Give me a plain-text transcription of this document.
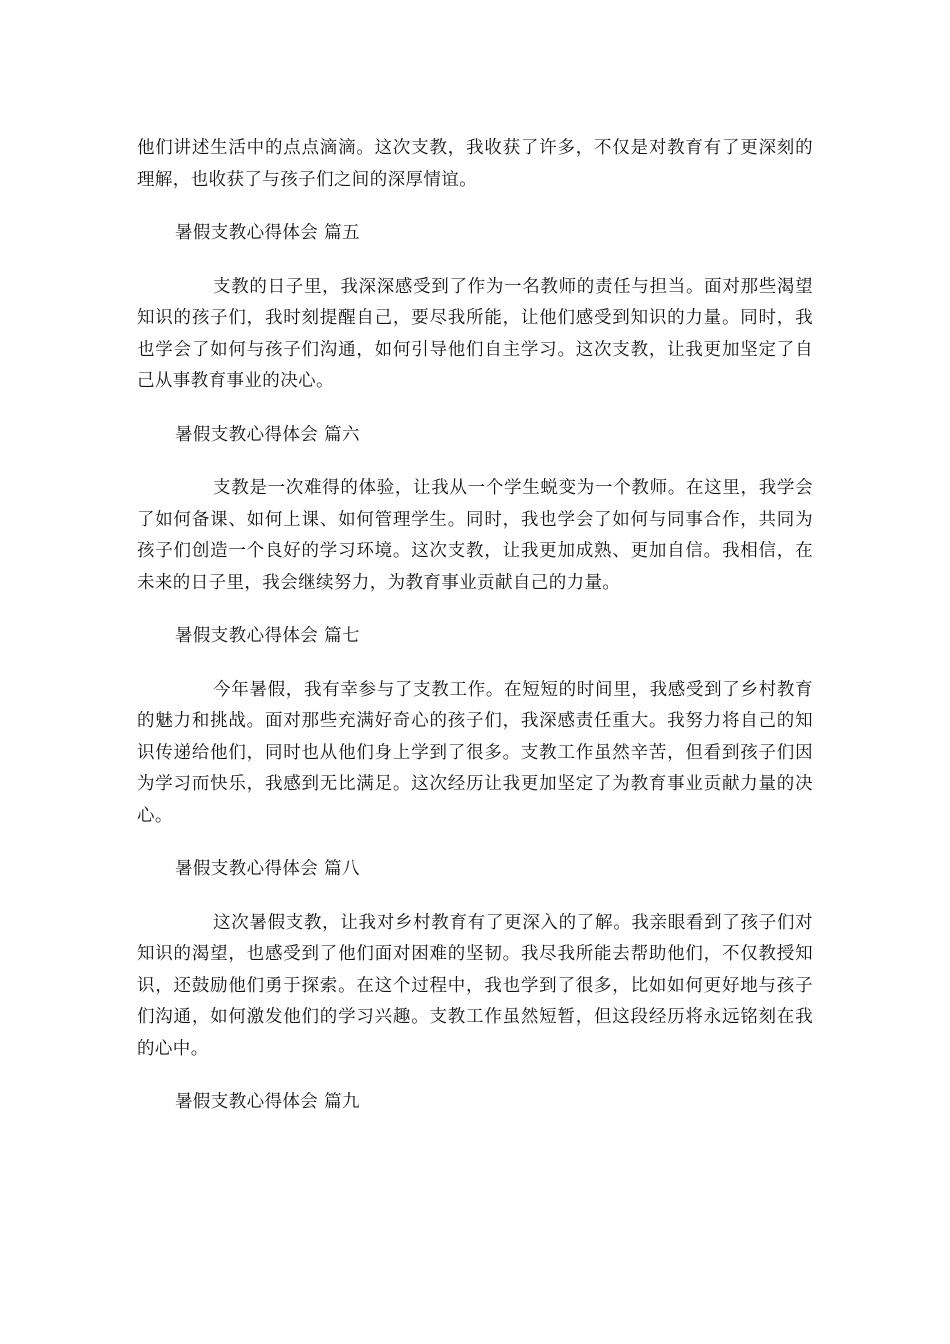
他们讲述生活中的点点滴滴。这次支教，我收获了许多，不仅是对教育有了更深刻的理解，也收获了与孩子们之间的深厚情谊。

暑假支教心得体会 篇五

支教的日子里，我深深感受到了作为一名教师的责任与担当。面对那些渴望知识的孩子们，我时刻提醒自己，要尽我所能，让他们感受到知识的力量。同时，我也学会了如何与孩子们沟通，如何引导他们自主学习。这次支教，让我更加坚定了自己从事教育事业的决心。

暑假支教心得体会 篇六

支教是一次难得的体验，让我从一个学生蜕变为一个教师。在这里，我学会了如何备课、如何上课、如何管理学生。同时，我也学会了如何与同事合作，共同为孩子们创造一个良好的学习环境。这次支教，让我更加成熟、更加自信。我相信，在未来的日子里，我会继续努力，为教育事业贡献自己的力量。

暑假支教心得体会 篇七

今年暑假，我有幸参与了支教工作。在短短的时间里，我感受到了乡村教育的魅力和挑战。面对那些充满好奇心的孩子们，我深感责任重大。我努力将自己的知识传递给他们，同时也从他们身上学到了很多。支教工作虽然辛苦，但看到孩子们因为学习而快乐，我感到无比满足。这次经历让我更加坚定了为教育事业贡献力量的决心。

暑假支教心得体会 篇八

这次暑假支教，让我对乡村教育有了更深入的了解。我亲眼看到了孩子们对知识的渴望，也感受到了他们面对困难的坚韧。我尽我所能去帮助他们，不仅教授知识，还鼓励他们勇于探索。在这个过程中，我也学到了很多，比如如何更好地与孩子们沟通，如何激发他们的学习兴趣。支教工作虽然短暂，但这段经历将永远铭刻在我的心中。

暑假支教心得体会 篇九
